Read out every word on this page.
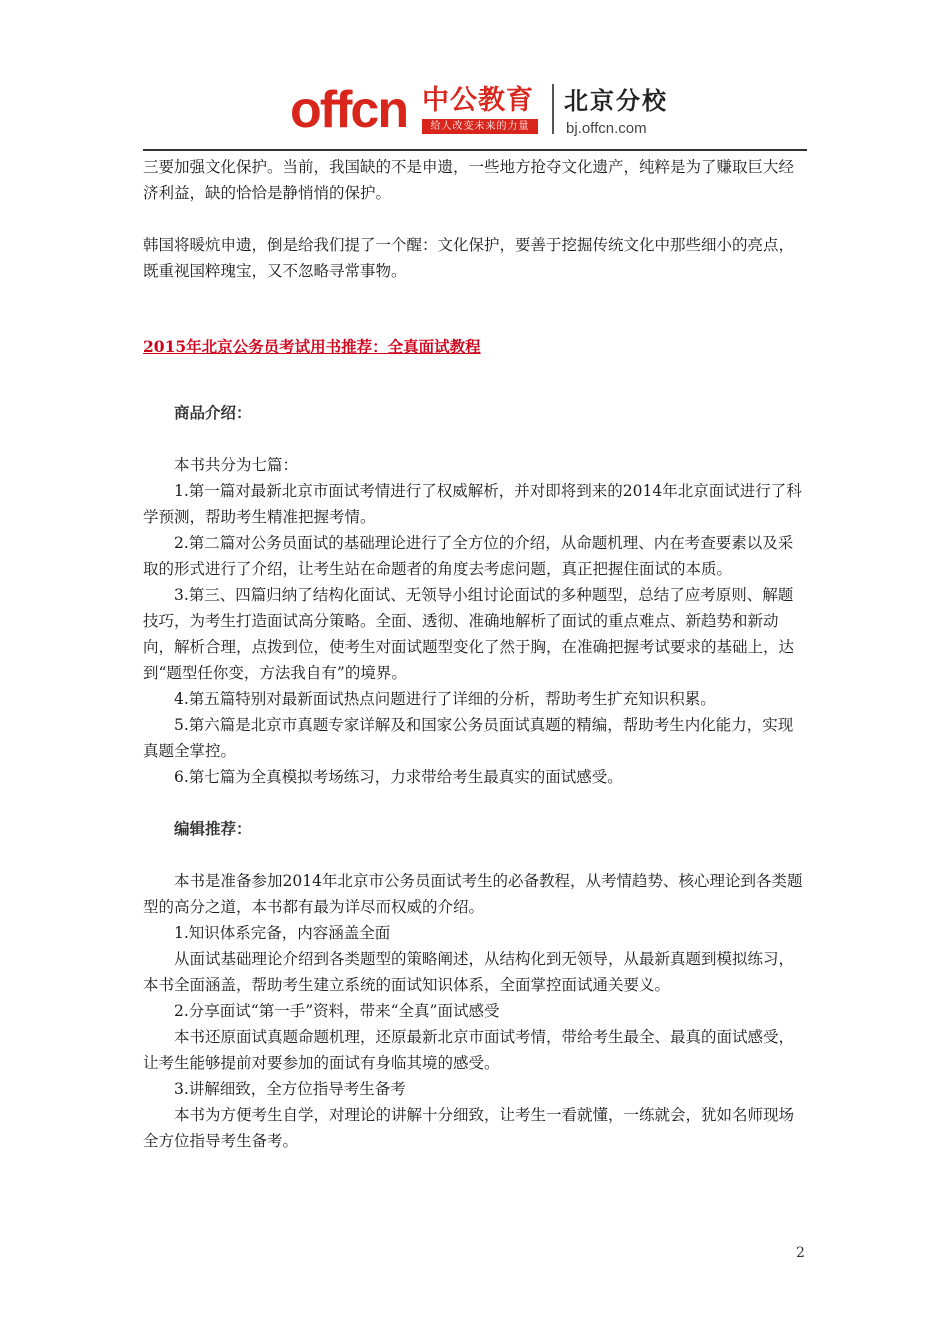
offcn 中公教育
给人改变未来的力量
北京分校
bj.offcn.com

三要加强文化保护。当前，我国缺的不是申遗，一些地方抢夺文化遗产，纯粹是为了赚取巨大经济利益，缺的恰恰是静悄悄的保护。

韩国将暖炕申遗，倒是给我们提了一个醒：文化保护，要善于挖掘传统文化中那些细小的亮点，既重视国粹瑰宝，又不忽略寻常事物。

2015年北京公务员考试用书推荐：全真面试教程

商品介绍：

本书共分为七篇：

1.第一篇对最新北京市面试考情进行了权威解析，并对即将到来的2014年北京面试进行了科学预测，帮助考生精准把握考情。

2.第二篇对公务员面试的基础理论进行了全方位的介绍，从命题机理、内在考查要素以及采取的形式进行了介绍，让考生站在命题者的角度去考虑问题，真正把握住面试的本质。

3.第三、四篇归纳了结构化面试、无领导小组讨论面试的多种题型，总结了应考原则、解题技巧，为考生打造面试高分策略。全面、透彻、准确地解析了面试的重点难点、新趋势和新动向，解析合理，点拨到位，使考生对面试题型变化了然于胸，在准确把握考试要求的基础上，达到“题型任你变，方法我自有”的境界。

4.第五篇特别对最新面试热点问题进行了详细的分析，帮助考生扩充知识积累。

5.第六篇是北京市真题专家详解及和国家公务员面试真题的精编，帮助考生内化能力，实现真题全掌控。

6.第七篇为全真模拟考场练习，力求带给考生最真实的面试感受。

编辑推荐：

本书是准备参加2014年北京市公务员面试考生的必备教程，从考情趋势、核心理论到各类题型的高分之道，本书都有最为详尽而权威的介绍。

1.知识体系完备，内容涵盖全面

从面试基础理论介绍到各类题型的策略阐述，从结构化到无领导，从最新真题到模拟练习，本书全面涵盖，帮助考生建立系统的面试知识体系，全面掌控面试通关要义。

2.分享面试“第一手”资料，带来“全真”面试感受

本书还原面试真题命题机理，还原最新北京市面试考情，带给考生最全、最真的面试感受，让考生能够提前对要参加的面试有身临其境的感受。

3.讲解细致，全方位指导考生备考

本书为方便考生自学，对理论的讲解十分细致，让考生一看就懂，一练就会，犹如名师现场全方位指导考生备考。

2
